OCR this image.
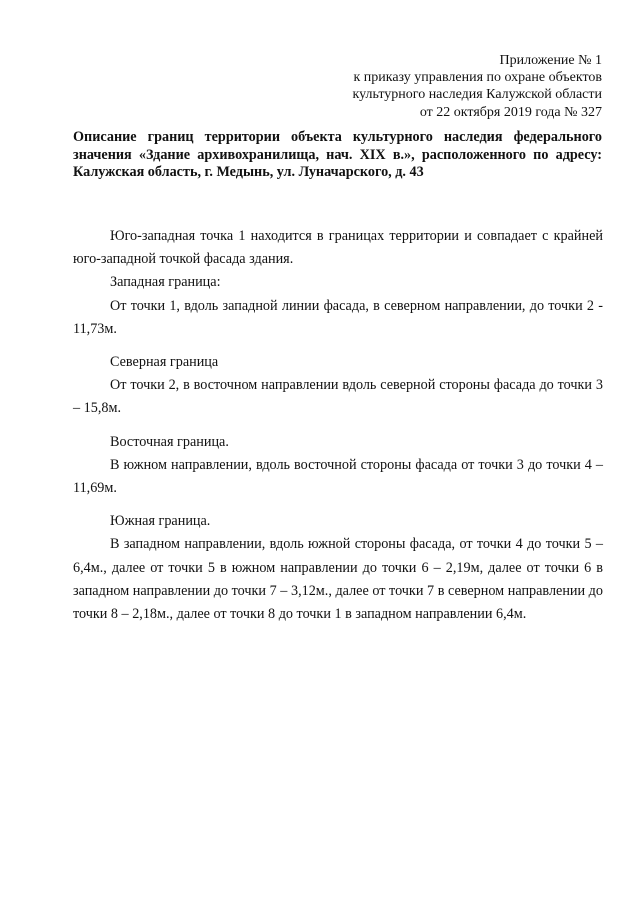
Приложение № 1
к приказу управления по охране объектов
культурного наследия Калужской области
от 22 октября 2019 года № 327
Описание границ территории объекта культурного наследия федерального значения «Здание архивохранилища, нач. XIX в.», расположенного по адресу: Калужская область, г. Медынь, ул. Луначарского, д. 43

Юго-западная точка 1 находится в границах территории и совпадает с крайней юго-западной точкой фасада здания.

Западная граница:

От точки 1, вдоль западной линии фасада, в северном направлении, до точки 2 - 11,73м.

Северная граница

От точки 2, в восточном направлении вдоль северной стороны фасада до точки 3 – 15,8м.

Восточная граница.

В южном направлении, вдоль восточной стороны фасада от точки 3 до точки 4 – 11,69м.

Южная граница.

В западном направлении, вдоль южной стороны фасада, от точки 4 до точки 5 – 6,4м., далее от точки 5 в южном направлении до точки 6 – 2,19м, далее от точки 6 в западном направлении до точки 7 – 3,12м., далее от точки 7 в северном направлении до точки 8 – 2,18м., далее от точки 8 до точки 1 в западном направлении 6,4м.
